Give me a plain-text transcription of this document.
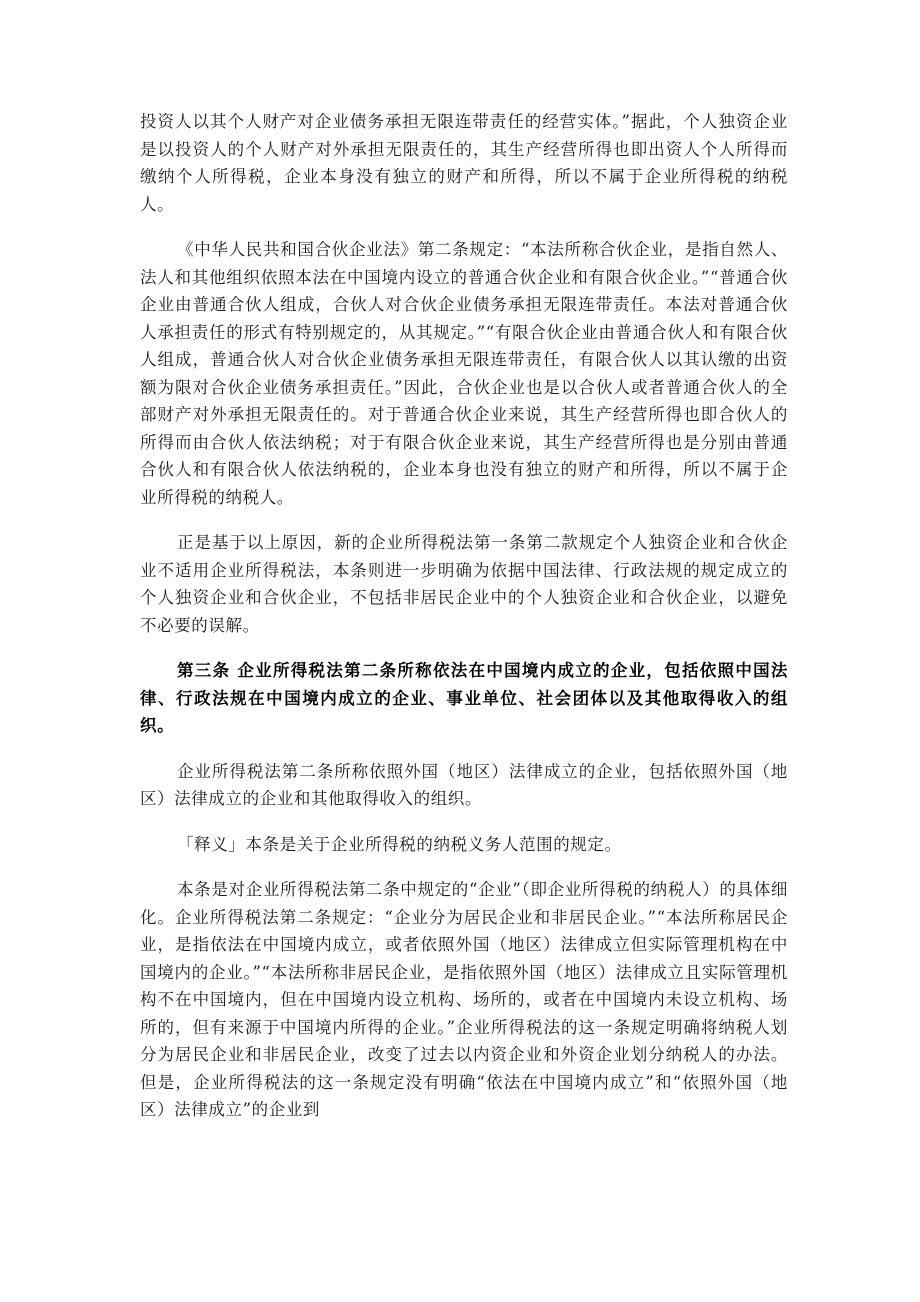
投资人以其个人财产对企业债务承担无限连带责任的经营实体。”据此，个人独资企业是以投资人的个人财产对外承担无限责任的，其生产经营所得也即出资人个人所得而缴纳个人所得税，企业本身没有独立的财产和所得，所以不属于企业所得税的纳税人。

《中华人民共和国合伙企业法》第二条规定：“本法所称合伙企业，是指自然人、法人和其他组织依照本法在中国境内设立的普通合伙企业和有限合伙企业。”“普通合伙企业由普通合伙人组成，合伙人对合伙企业债务承担无限连带责任。本法对普通合伙人承担责任的形式有特别规定的，从其规定。”“有限合伙企业由普通合伙人和有限合伙人组成，普通合伙人对合伙企业债务承担无限连带责任，有限合伙人以其认缴的出资额为限对合伙企业债务承担责任。”因此，合伙企业也是以合伙人或者普通合伙人的全部财产对外承担无限责任的。对于普通合伙企业来说，其生产经营所得也即合伙人的所得而由合伙人依法纳税；对于有限合伙企业来说，其生产经营所得也是分别由普通合伙人和有限合伙人依法纳税的，企业本身也没有独立的财产和所得，所以不属于企业所得税的纳税人。

正是基于以上原因，新的企业所得税法第一条第二款规定个人独资企业和合伙企业不适用企业所得税法，本条则进一步明确为依据中国法律、行政法规的规定成立的个人独资企业和合伙企业，不包括非居民企业中的个人独资企业和合伙企业，以避免不必要的误解。

第三条 企业所得税法第二条所称依法在中国境内成立的企业，包括依照中国法律、行政法规在中国境内成立的企业、事业单位、社会团体以及其他取得收入的组织。

企业所得税法第二条所称依照外国（地区）法律成立的企业，包括依照外国（地区）法律成立的企业和其他取得收入的组织。

「释义」本条是关于企业所得税的纳税义务人范围的规定。

本条是对企业所得税法第二条中规定的“企业”（即企业所得税的纳税人）的具体细化。企业所得税法第二条规定：“企业分为居民企业和非居民企业。”“本法所称居民企业，是指依法在中国境内成立，或者依照外国（地区）法律成立但实际管理机构在中国境内的企业。”“本法所称非居民企业，是指依照外国（地区）法律成立且实际管理机构不在中国境内，但在中国境内设立机构、场所的，或者在中国境内未设立机构、场所的，但有来源于中国境内所得的企业。”企业所得税法的这一条规定明确将纳税人划分为居民企业和非居民企业，改变了过去以内资企业和外资企业划分纳税人的办法。但是，企业所得税法的这一条规定没有明确“依法在中国境内成立”和“依照外国（地区）法律成立”的企业到
